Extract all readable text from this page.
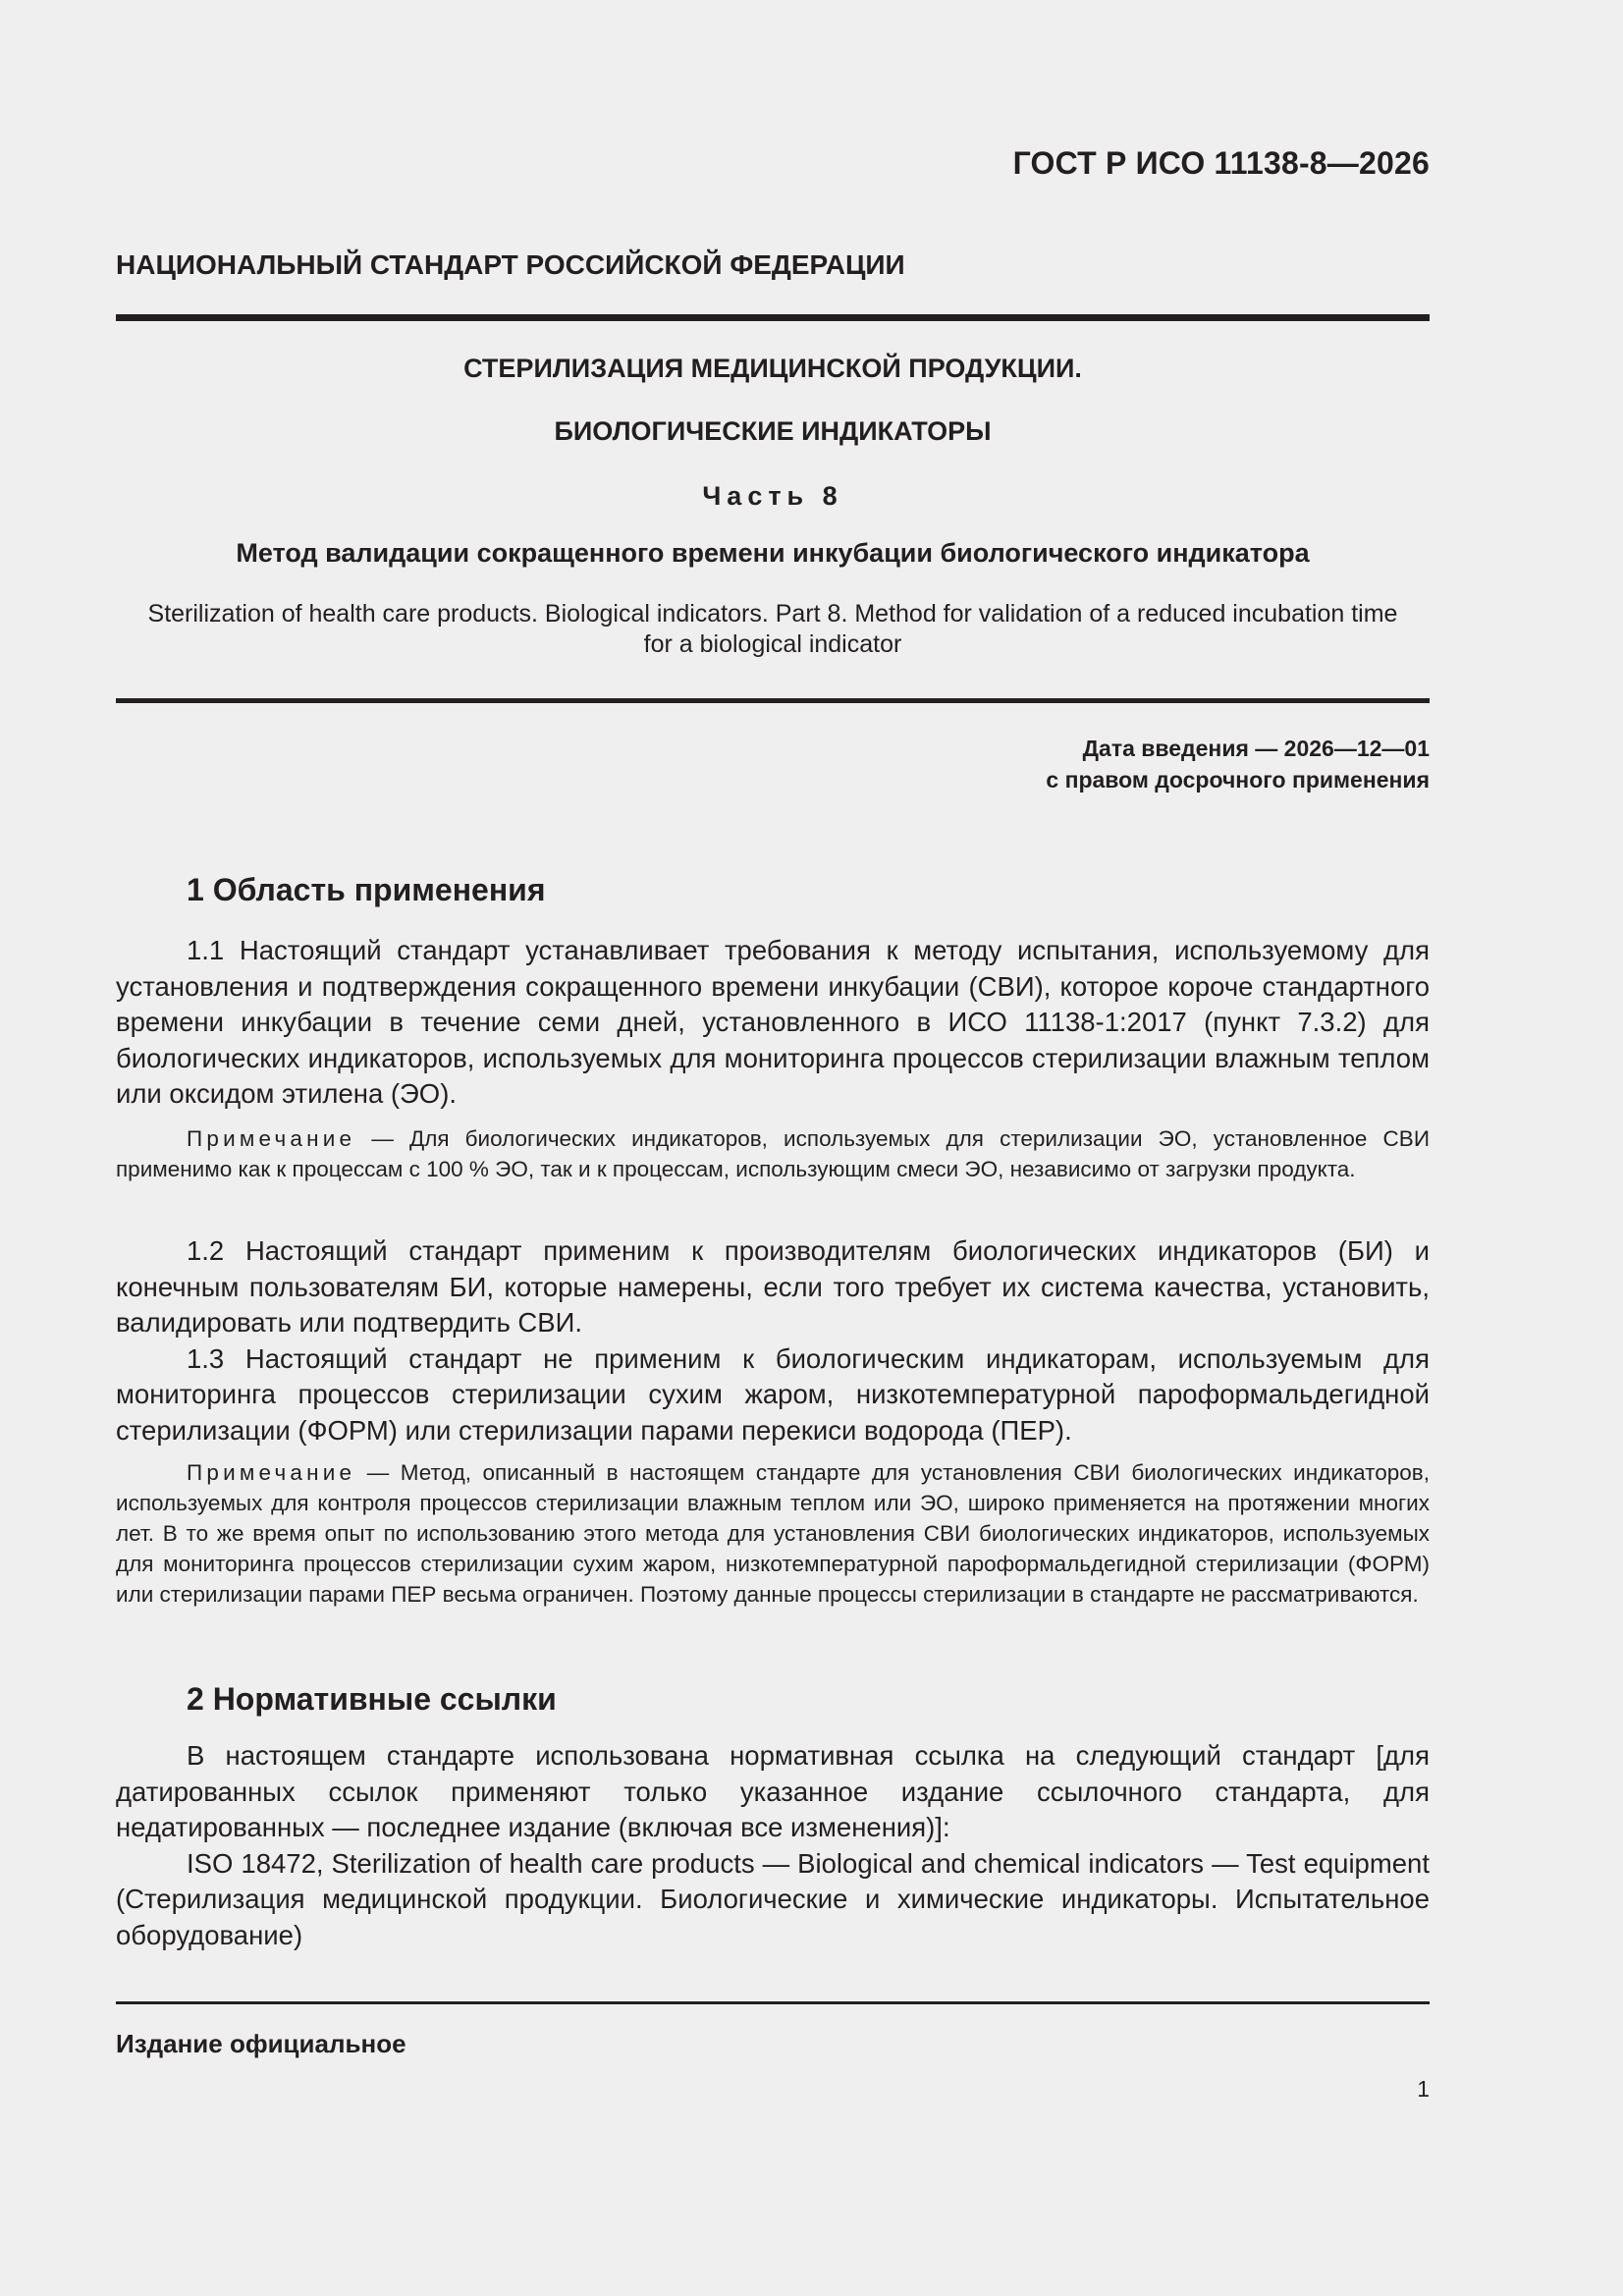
ГОСТ Р ИСО 11138-8—2026
НАЦИОНАЛЬНЫЙ СТАНДАРТ РОССИЙСКОЙ ФЕДЕРАЦИИ
СТЕРИЛИЗАЦИЯ МЕДИЦИНСКОЙ ПРОДУКЦИИ.
БИОЛОГИЧЕСКИЕ ИНДИКАТОРЫ
Часть 8
Метод валидации сокращенного времени инкубации биологического индикатора
Sterilization of health care products. Biological indicators. Part 8. Method for validation of a reduced incubation time
for a biological indicator
Дата введения — 2026—12—01
с правом досрочного применения
1 Область применения

1.1 Настоящий стандарт устанавливает требования к методу испытания, используемому для установления и подтверждения сокращенного времени инкубации (СВИ), которое короче стандартного времени инкубации в течение семи дней, установленного в ИСО 11138-1:2017 (пункт 7.3.2) для биологических индикаторов, используемых для мониторинга процессов стерилизации влажным теплом или оксидом этилена (ЭО).

Примечание — Для биологических индикаторов, используемых для стерилизации ЭО, установленное СВИ применимо как к процессам с 100 % ЭО, так и к процессам, использующим смеси ЭО, независимо от загрузки продукта.

1.2 Настоящий стандарт применим к производителям биологических индикаторов (БИ) и конечным пользователям БИ, которые намерены, если того требует их система качества, установить, валидировать или подтвердить СВИ.

1.3 Настоящий стандарт не применим к биологическим индикаторам, используемым для мониторинга процессов стерилизации сухим жаром, низкотемпературной пароформальдегидной стерилизации (ФОРМ) или стерилизации парами перекиси водорода (ПЕР).

Примечание — Метод, описанный в настоящем стандарте для установления СВИ биологических индикаторов, используемых для контроля процессов стерилизации влажным теплом или ЭО, широко применяется на протяжении многих лет. В то же время опыт по использованию этого метода для установления СВИ биологических индикаторов, используемых для мониторинга процессов стерилизации сухим жаром, низкотемпературной пароформальдегидной стерилизации (ФОРМ) или стерилизации парами ПЕР весьма ограничен. Поэтому данные процессы стерилизации в стандарте не рассматриваются.

2 Нормативные ссылки

В настоящем стандарте использована нормативная ссылка на следующий стандарт [для датированных ссылок применяют только указанное издание ссылочного стандарта, для недатированных — последнее издание (включая все изменения)]:

ISO 18472, Sterilization of health care products — Biological and chemical indicators — Test equipment (Стерилизация медицинской продукции. Биологические и химические индикаторы. Испытательное оборудование)

Издание официальное
1
